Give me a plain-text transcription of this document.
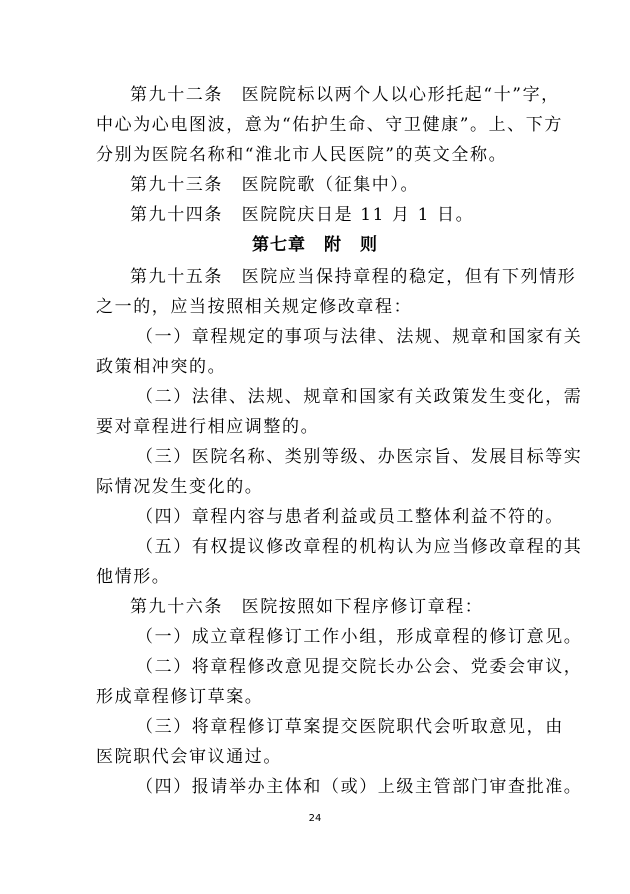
第九十二条　医院院标以两个人以心形托起“十”字，
中心为心电图波，意为“佑护生命、守卫健康”。上、下方
分别为医院名称和“淮北市人民医院”的英文全称。
第九十三条　医院院歌（征集中）。
第九十四条　医院院庆日是 11 月 1 日。
第七章　附　则
第九十五条　医院应当保持章程的稳定，但有下列情形
之一的，应当按照相关规定修改章程：
（一）章程规定的事项与法律、法规、规章和国家有关
政策相冲突的。
（二）法律、法规、规章和国家有关政策发生变化，需
要对章程进行相应调整的。
（三）医院名称、类别等级、办医宗旨、发展目标等实
际情况发生变化的。
（四）章程内容与患者利益或员工整体利益不符的。
（五）有权提议修改章程的机构认为应当修改章程的其
他情形。
第九十六条　医院按照如下程序修订章程：
（一）成立章程修订工作小组，形成章程的修订意见。
（二）将章程修改意见提交院长办公会、党委会审议，
形成章程修订草案。
（三）将章程修订草案提交医院职代会听取意见，由
医院职代会审议通过。
（四）报请举办主体和（或）上级主管部门审查批准。
24
